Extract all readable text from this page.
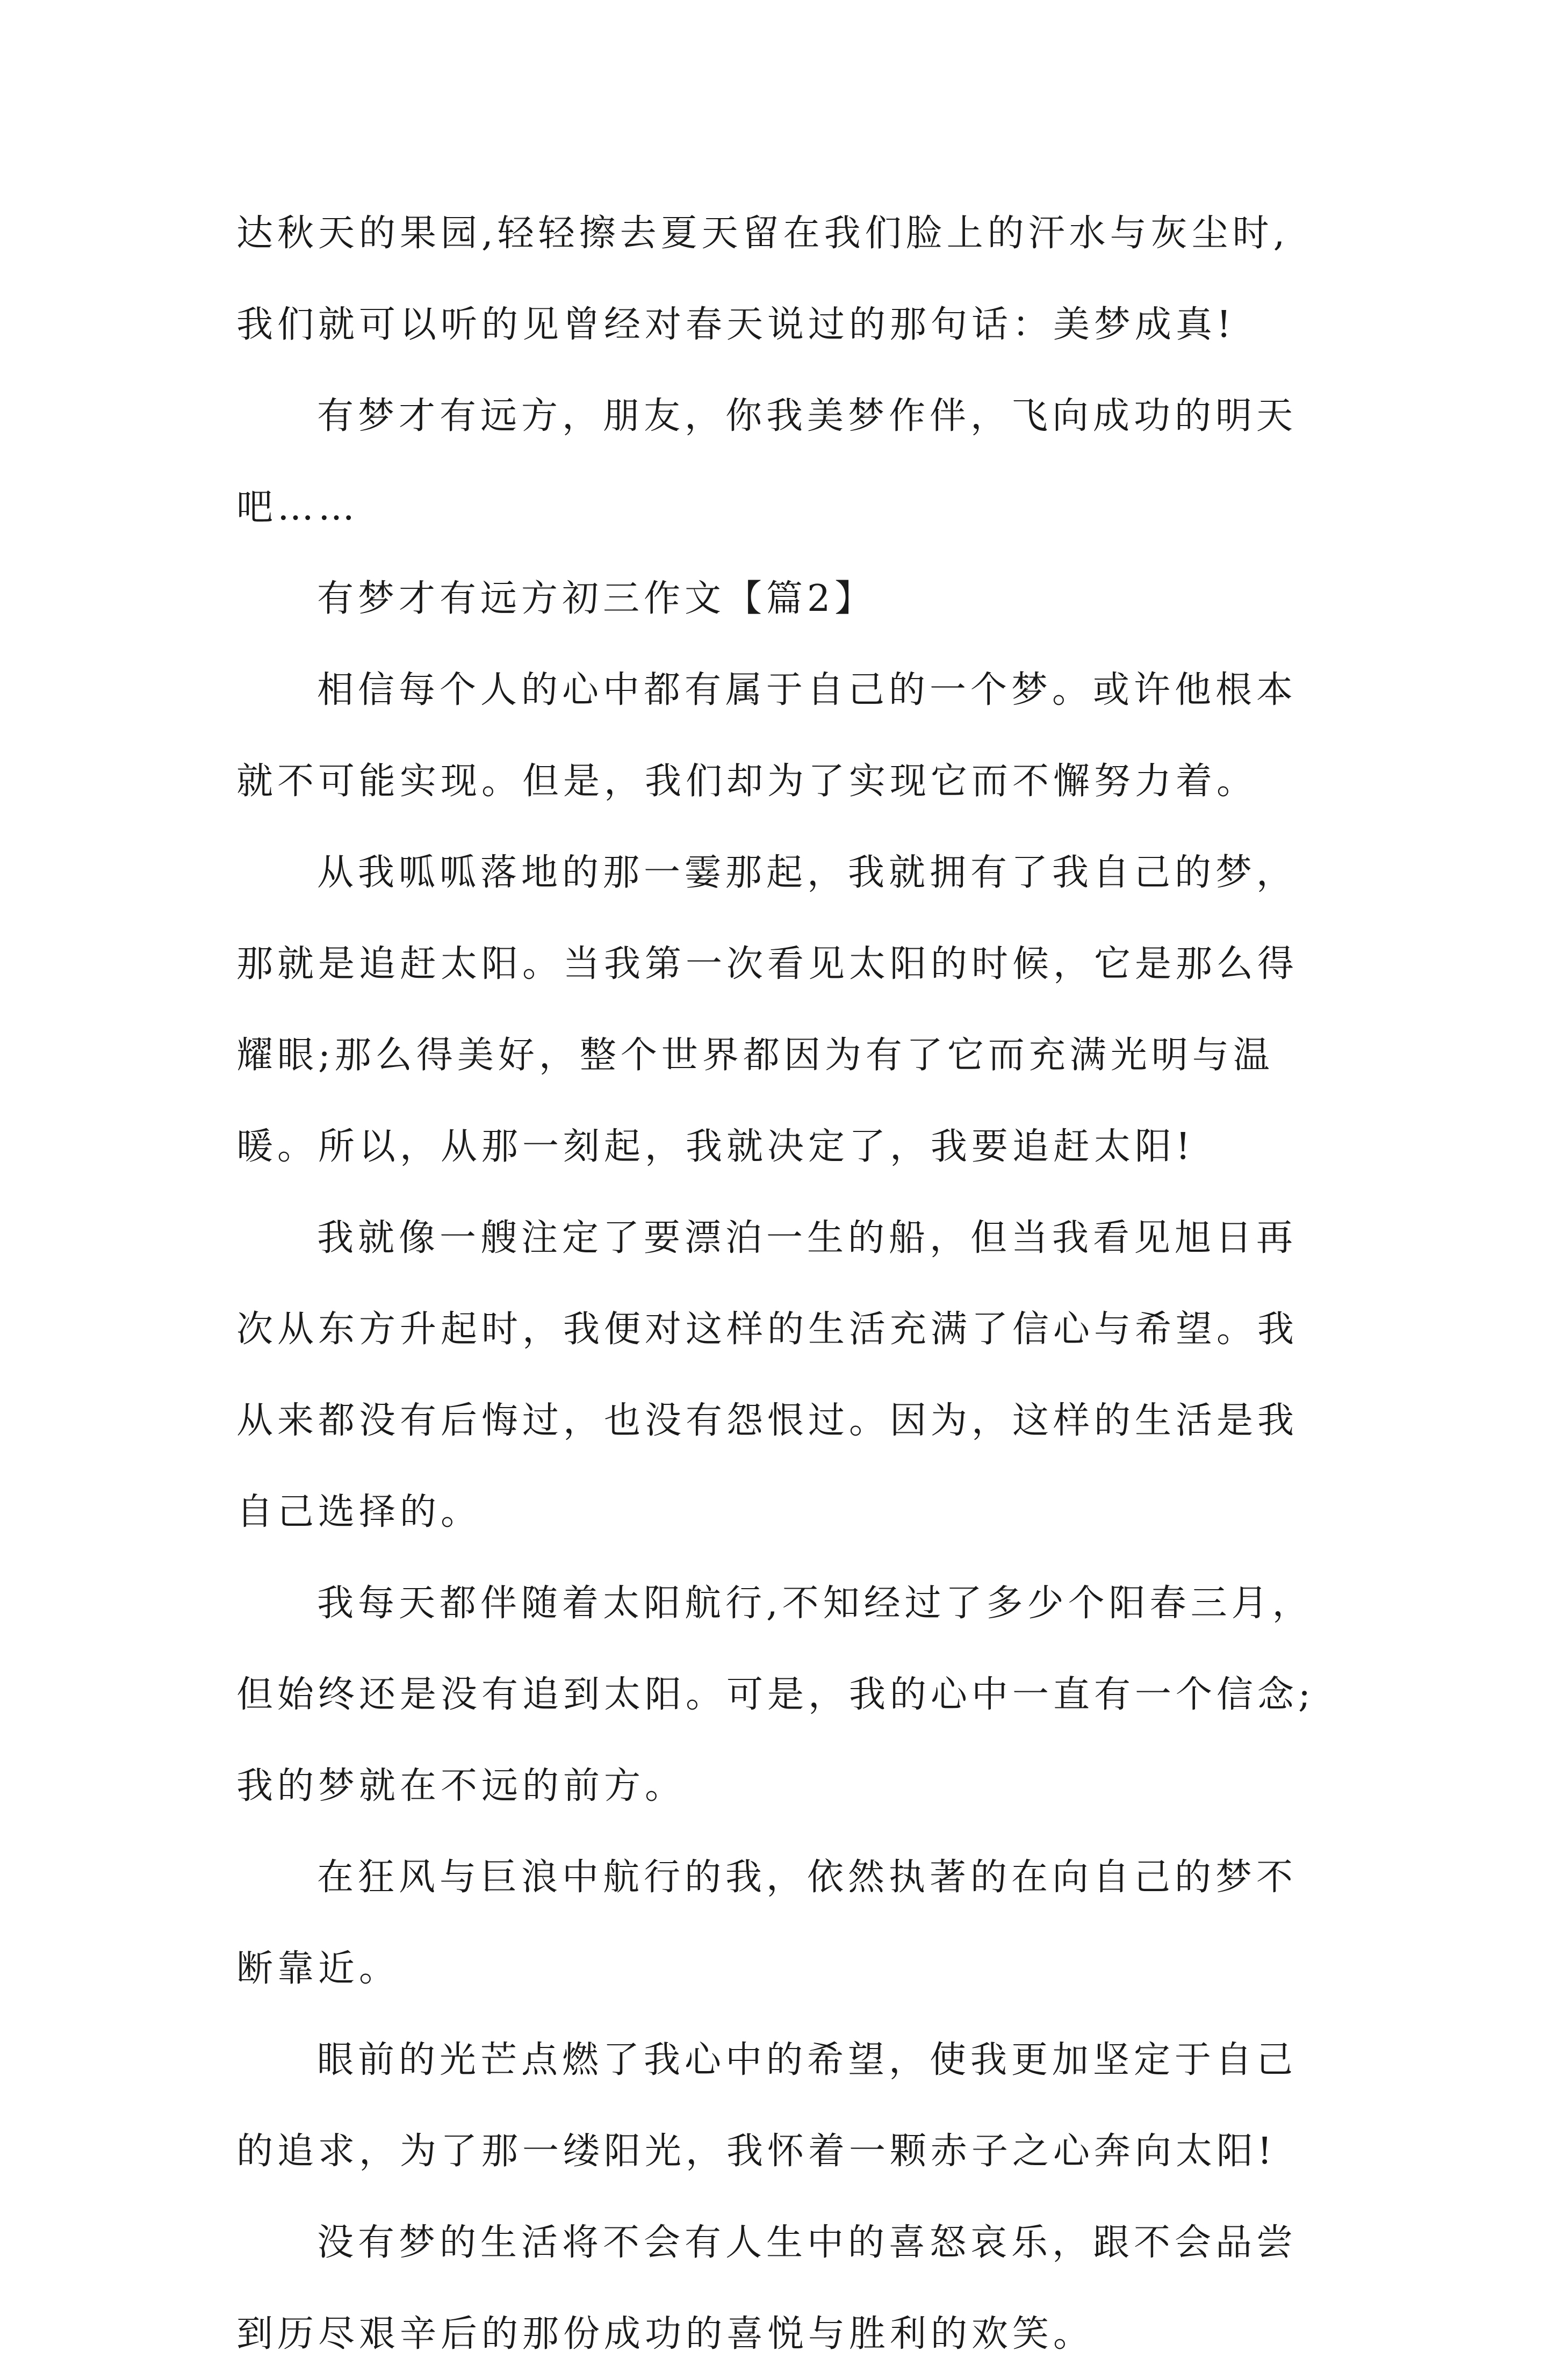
达秋天的果园,轻轻擦去夏天留在我们脸上的汗水与灰尘时,
我们就可以听的见曾经对春天说过的那句话：美梦成真!
有梦才有远方，朋友，你我美梦作伴，飞向成功的明天
吧……
有梦才有远方初三作文【篇2】
相信每个人的心中都有属于自己的一个梦。或许他根本
就不可能实现。但是，我们却为了实现它而不懈努力着。
从我呱呱落地的那一霎那起，我就拥有了我自己的梦，
那就是追赶太阳。当我第一次看见太阳的时候，它是那么得
耀眼;那么得美好，整个世界都因为有了它而充满光明与温
暖。所以，从那一刻起，我就决定了，我要追赶太阳!
我就像一艘注定了要漂泊一生的船，但当我看见旭日再
次从东方升起时，我便对这样的生活充满了信心与希望。我
从来都没有后悔过，也没有怨恨过。因为，这样的生活是我
自己选择的。
我每天都伴随着太阳航行,不知经过了多少个阳春三月，
但始终还是没有追到太阳。可是，我的心中一直有一个信念;
我的梦就在不远的前方。
在狂风与巨浪中航行的我，依然执著的在向自己的梦不
断靠近。
眼前的光芒点燃了我心中的希望，使我更加坚定于自己
的追求，为了那一缕阳光，我怀着一颗赤子之心奔向太阳!
没有梦的生活将不会有人生中的喜怒哀乐，跟不会品尝
到历尽艰辛后的那份成功的喜悦与胜利的欢笑。
